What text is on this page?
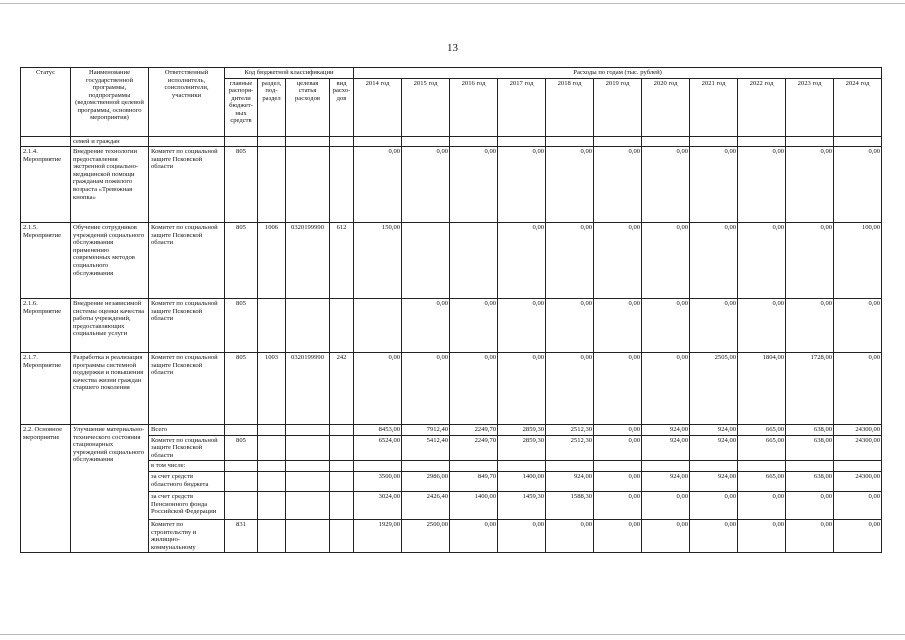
13
Статус	Наименование государственной программы, подпрограммы (ведомственной целевой программы, основного мероприятия)	Ответственный исполнитель, соисполнители, участники	Код бюджетной классификации				Расходы по годам (тыс. рублей)										
			главные распоря-дители бюджет-ных средств	раздел, под-раздел	целевая статья расходов	вид расхо-дов	2014 год	2015 год	2016 год	2017 год	2018 год	2019 год	2020 год	2021 год	2022 год	2023 год	2024 год
	семей и граждан																
2.1.4. Мероприятие	Внедрение технологии предоставления экстренной социально-медицинской помощи гражданам пожилого возраста «Тревожная кнопка»	Комитет по социальной защите Псковской области	805				0,00	0,00	0,00	0,00	0,00	0,00	0,00	0,00	0,00	0,00	0,00
2.1.5. Мероприятие	Обучение сотрудников учреждений социального обслуживания применению современных методов социального обслуживания	Комитет по социальной защите Псковской области	805	1006	0320199990	612	150,00			0,00	0,00	0,00	0,00	0,00	0,00	0,00	100,00
2.1.6. Мероприятие	Внедрение независимой системы оценки качества работы учреждений, предоставляющих социальные услуги	Комитет по социальной защите Псковской области	805					0,00	0,00	0,00	0,00	0,00	0,00	0,00	0,00	0,00	0,00
2.1.7. Мероприятие	Разработка и реализация программы системной поддержки и повышения качества жизни граждан старшего поколения	Комитет по социальной защите Псковской области	805	1003	0320199990	242	0,00	0,00	0,00	0,00	0,00	0,00	0,00	2505,00	1804,00	1728,00	0,00
2.2. Основное мероприятие	Улучшение материально-технического состояния стационарных учреждений социального обслуживания	Всего					8453,00	7912,40	2249,70	2859,30	2512,30	0,00	924,00	924,00	665,00	638,00	24300,00
		Комитет по социальной защите Псковской области	805				6524,00	5412,40	2249,70	2859,30	2512,30	0,00	924,00	924,00	665,00	638,00	24300,00
		в том числе:															
		за счет средств областного бюджета					3500,00	2986,00	849,70	1400,00	924,00	0,00	924,00	924,00	665,00	638,00	24300,00
		за счет средств Пенсионного фонда Российской Федерации					3024,00	2426,40	1400,00	1459,30	1588,30	0,00	0,00	0,00	0,00	0,00	0,00
		Комитет по строительству и жилищно-коммунальному	831				1929,00	2500,00	0,00	0,00	0,00	0,00	0,00	0,00	0,00	0,00	0,00
